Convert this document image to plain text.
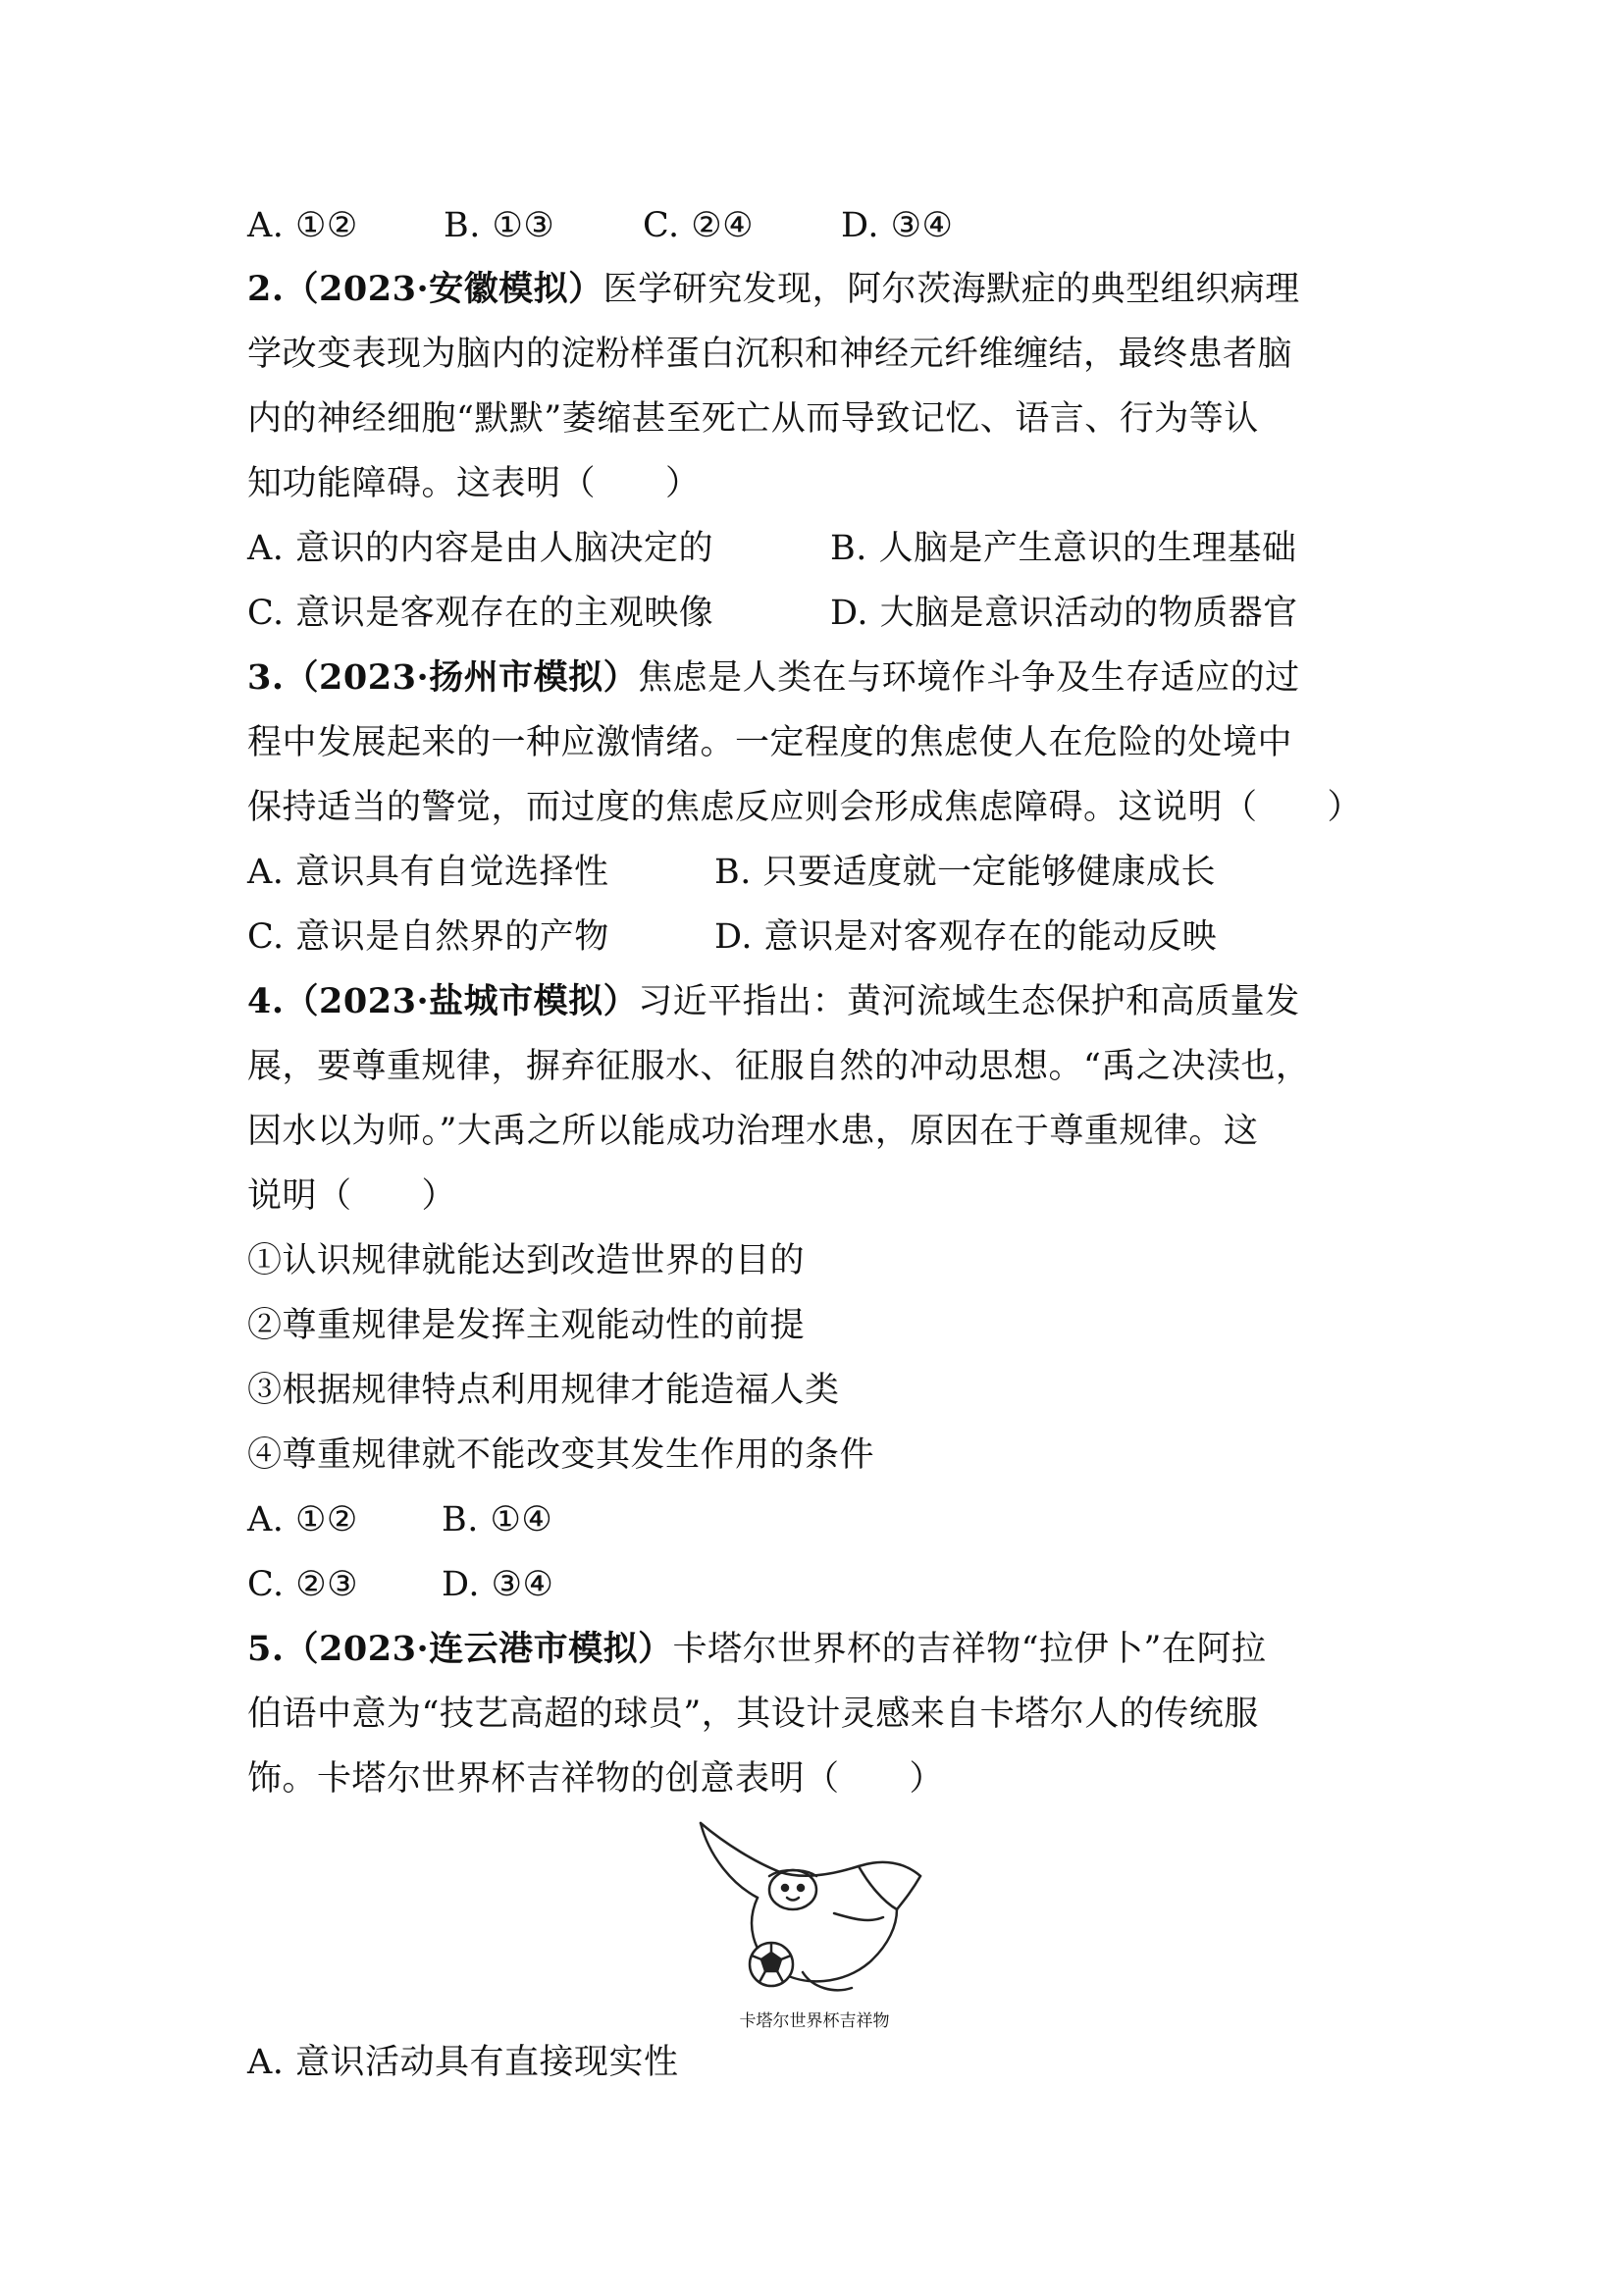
A. ①② B. ①③	C. ②④	D. ③④
2.（2023·安徽模拟）医学研究发现，阿尔茨海默症的典型组织病理
学改变表现为脑内的淀粉样蛋白沉积和神经元纤维缠结，最终患者脑
内的神经细胞“默默”萎缩甚至死亡从而导致记忆、语言、行为等认
知功能障碍。这表明（　　）
A. 意识的内容是由人脑决定的	B. 人脑是产生意识的生理基础
C. 意识是客观存在的主观映像	D. 大脑是意识活动的物质器官
3.（2023·扬州市模拟）焦虑是人类在与环境作斗争及生存适应的过
程中发展起来的一种应激情绪。一定程度的焦虑使人在危险的处境中
保持适当的警觉，而过度的焦虑反应则会形成焦虑障碍。这说明（　　）
A. 意识具有自觉选择性	B. 只要适度就一定能够健康成长
C. 意识是自然界的产物	D. 意识是对客观存在的能动反映
4.（2023·盐城市模拟）习近平指出：黄河流域生态保护和高质量发
展，要尊重规律，摒弃征服水、征服自然的冲动思想。“禹之决渎也，
因水以为师。”大禹之所以能成功治理水患，原因在于尊重规律。这
说明（　　）
①认识规律就能达到改造世界的目的
②尊重规律是发挥主观能动性的前提
③根据规律特点利用规律才能造福人类
④尊重规律就不能改变其发生作用的条件
A. ①② B. ①④
C. ②③ D. ③④
5.（2023·连云港市模拟）卡塔尔世界杯的吉祥物“拉伊卜”在阿拉
伯语中意为“技艺高超的球员”，其设计灵感来自卡塔尔人的传统服
饰。卡塔尔世界杯吉祥物的创意表明（　　）
卡塔尔世界杯吉祥物
A. 意识活动具有直接现实性
